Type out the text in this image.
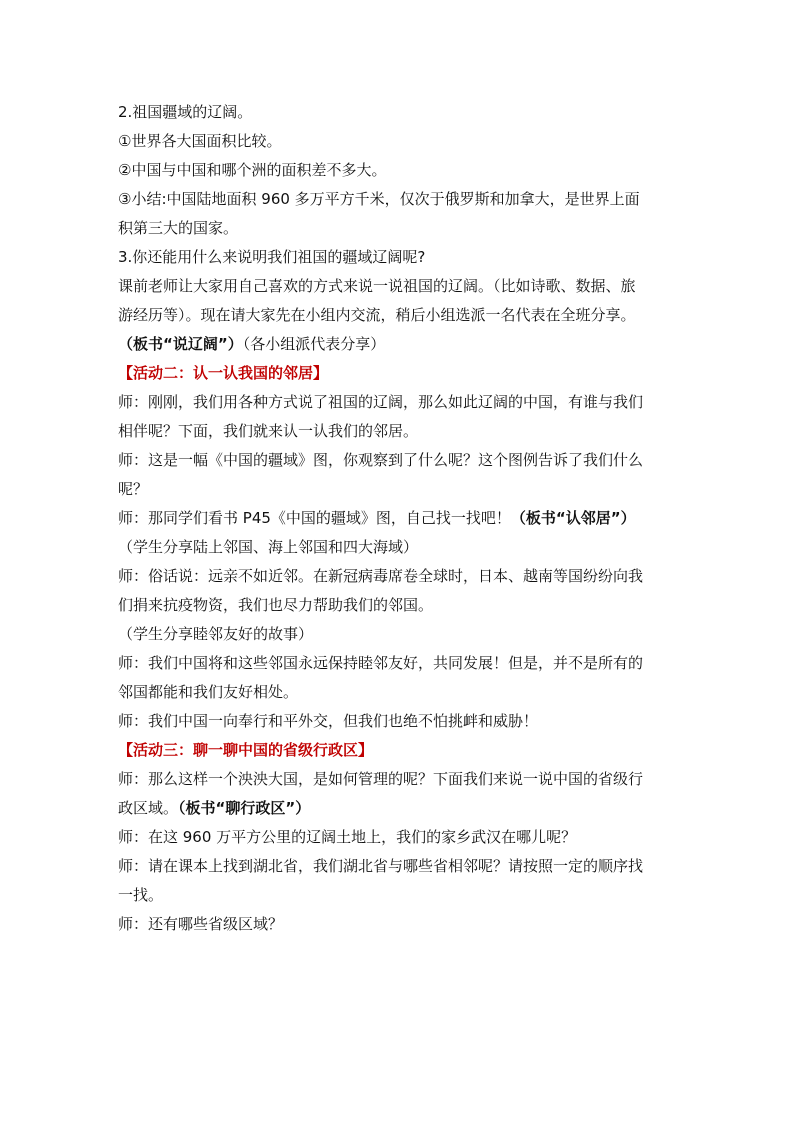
2.祖国疆域的辽阔。
①世界各大国面积比较。
②中国与中国和哪个洲的面积差不多大。
③小结:中国陆地面积 960 多万平方千米，仅次于俄罗斯和加拿大，是世界上面
积第三大的国家。
3.你还能用什么来说明我们祖国的疆域辽阔呢?
课前老师让大家用自己喜欢的方式来说一说祖国的辽阔。（比如诗歌、数据、旅
游经历等）。现在请大家先在小组内交流，稍后小组选派一名代表在全班分享。
（板书“说辽阔”）（各小组派代表分享）
【活动二：认一认我国的邻居】
师：刚刚，我们用各种方式说了祖国的辽阔，那么如此辽阔的中国，有谁与我们
相伴呢？下面，我们就来认一认我们的邻居。
师：这是一幅《中国的疆域》图，你观察到了什么呢？这个图例告诉了我们什么
呢？
师：那同学们看书 P45《中国的疆域》图，自己找一找吧！（板书“认邻居”）
（学生分享陆上邻国、海上邻国和四大海域）
师：俗话说：远亲不如近邻。在新冠病毒席卷全球时，日本、越南等国纷纷向我
们捐来抗疫物资，我们也尽力帮助我们的邻国。
（学生分享睦邻友好的故事）
师：我们中国将和这些邻国永远保持睦邻友好，共同发展！但是，并不是所有的
邻国都能和我们友好相处。
师：我们中国一向奉行和平外交，但我们也绝不怕挑衅和威胁！
【活动三：聊一聊中国的省级行政区】
师：那么这样一个泱泱大国，是如何管理的呢？下面我们来说一说中国的省级行
政区域。（板书“聊行政区”）
师：在这 960 万平方公里的辽阔土地上，我们的家乡武汉在哪儿呢？
师：请在课本上找到湖北省，我们湖北省与哪些省相邻呢？请按照一定的顺序找
一找。
师：还有哪些省级区域？
